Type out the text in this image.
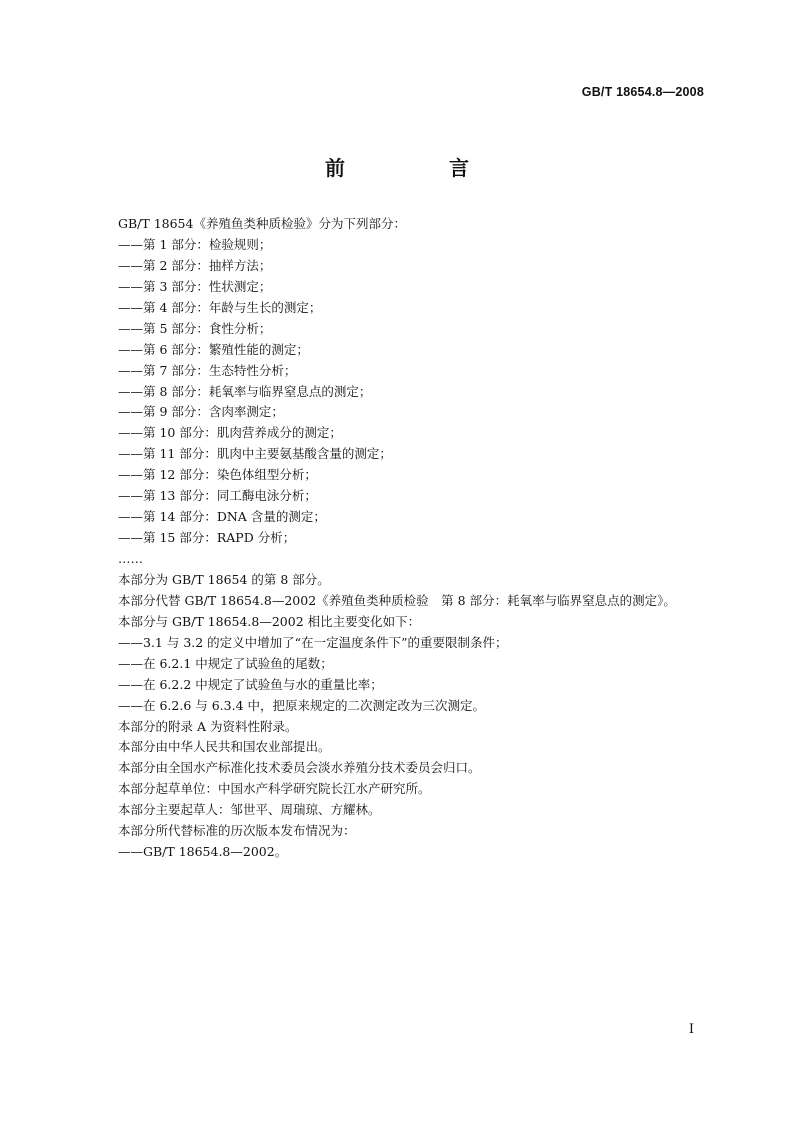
GB/T 18654.8—2008
前　言
GB/T 18654《养殖鱼类种质检验》分为下列部分：
——第 1 部分：检验规则；
——第 2 部分：抽样方法；
——第 3 部分：性状测定；
——第 4 部分：年龄与生长的测定；
——第 5 部分：食性分析；
——第 6 部分：繁殖性能的测定；
——第 7 部分：生态特性分析；
——第 8 部分：耗氧率与临界窒息点的测定；
——第 9 部分：含肉率测定；
——第 10 部分：肌肉营养成分的测定；
——第 11 部分：肌肉中主要氨基酸含量的测定；
——第 12 部分：染色体组型分析；
——第 13 部分：同工酶电泳分析；
——第 14 部分：DNA 含量的测定；
——第 15 部分：RAPD 分析；
……
本部分为 GB/T 18654 的第 8 部分。
本部分代替 GB/T 18654.8—2002《养殖鱼类种质检验　第 8 部分：耗氧率与临界窒息点的测定》。
本部分与 GB/T 18654.8—2002 相比主要变化如下：
——3.1 与 3.2 的定义中增加了“在一定温度条件下”的重要限制条件；
——在 6.2.1 中规定了试验鱼的尾数；
——在 6.2.2 中规定了试验鱼与水的重量比率；
——在 6.2.6 与 6.3.4 中，把原来规定的二次测定改为三次测定。
本部分的附录 A 为资料性附录。
本部分由中华人民共和国农业部提出。
本部分由全国水产标准化技术委员会淡水养殖分技术委员会归口。
本部分起草单位：中国水产科学研究院长江水产研究所。
本部分主要起草人：邹世平、周瑞琼、方耀林。
本部分所代替标准的历次版本发布情况为：
——GB/T 18654.8—2002。
I
